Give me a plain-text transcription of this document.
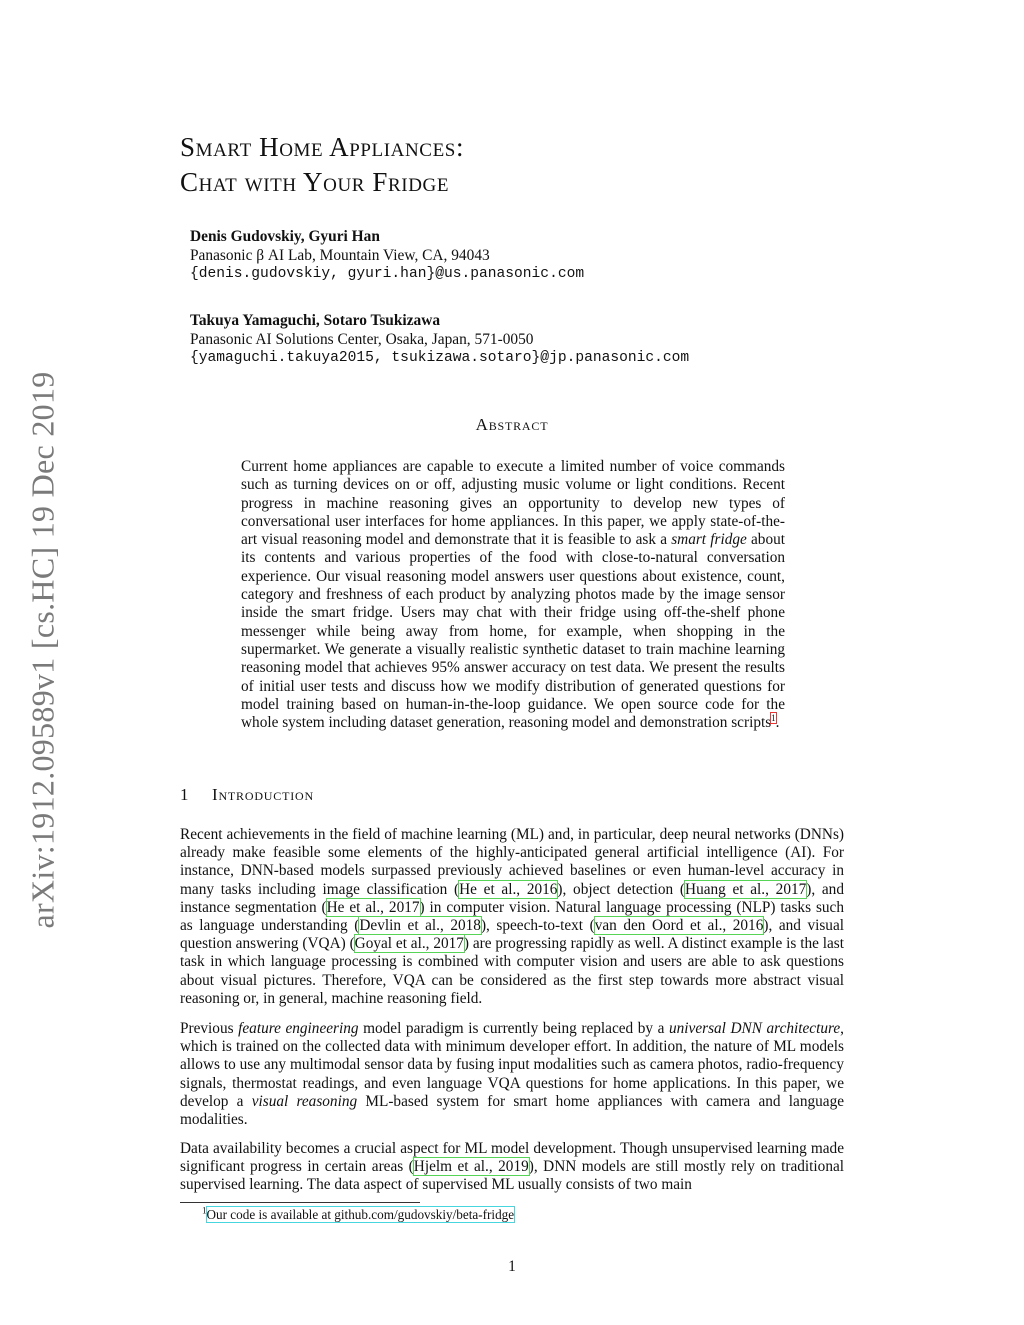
arXiv:1912.09589v1 [cs.HC] 19 Dec 2019
Smart Home Appliances:
Chat with Your Fridge
Denis Gudovskiy, Gyuri Han
Panasonic β AI Lab, Mountain View, CA, 94043
{denis.gudovskiy, gyuri.han}@us.panasonic.com
Takuya Yamaguchi, Sotaro Tsukizawa
Panasonic AI Solutions Center, Osaka, Japan, 571-0050
{yamaguchi.takuya2015, tsukizawa.sotaro}@jp.panasonic.com
Abstract
Current home appliances are capable to execute a limited number of voice commands such as turning devices on or off, adjusting music volume or light conditions. Recent progress in machine reasoning gives an opportunity to develop new types of conversational user interfaces for home appliances. In this paper, we apply state-of-the-art visual reasoning model and demonstrate that it is feasible to ask a smart fridge about its contents and various properties of the food with close-to-natural conversation experience. Our visual reasoning model answers user questions about existence, count, category and freshness of each product by analyzing photos made by the image sensor inside the smart fridge. Users may chat with their fridge using off-the-shelf phone messenger while being away from home, for example, when shopping in the supermarket. We generate a visually realistic synthetic dataset to train machine learning reasoning model that achieves 95% answer accuracy on test data. We present the results of initial user tests and discuss how we modify distribution of generated questions for model training based on human-in-the-loop guidance. We open source code for the whole system including dataset generation, reasoning model and demonstration scripts$^1$.
1 Introduction
Recent achievements in the field of machine learning (ML) and, in particular, deep neural networks (DNNs) already make feasible some elements of the highly-anticipated general artificial intelligence (AI). For instance, DNN-based models surpassed previously achieved baselines or even human-level accuracy in many tasks including image classification (He et al., 2016), object detection (Huang et al., 2017), and instance segmentation (He et al., 2017) in computer vision. Natural language processing (NLP) tasks such as language understanding (Devlin et al., 2018), speech-to-text (van den Oord et al., 2016), and visual question answering (VQA) (Goyal et al., 2017) are progressing rapidly as well. A distinct example is the last task in which language processing is combined with computer vision and users are able to ask questions about visual pictures. Therefore, VQA can be considered as the first step towards more abstract visual reasoning or, in general, machine reasoning field.
Previous feature engineering model paradigm is currently being replaced by a universal DNN architecture, which is trained on the collected data with minimum developer effort. In addition, the nature of ML models allows to use any multimodal sensor data by fusing input modalities such as camera photos, radio-frequency signals, thermostat readings, and even language VQA questions for home applications. In this paper, we develop a visual reasoning ML-based system for smart home appliances with camera and language modalities.
Data availability becomes a crucial aspect for ML model development. Though unsupervised learning made significant progress in certain areas (Hjelm et al., 2019), DNN models are still mostly rely on traditional supervised learning. The data aspect of supervised ML usually consists of two main
$^1$Our code is available at github.com/gudovskiy/beta-fridge
1
